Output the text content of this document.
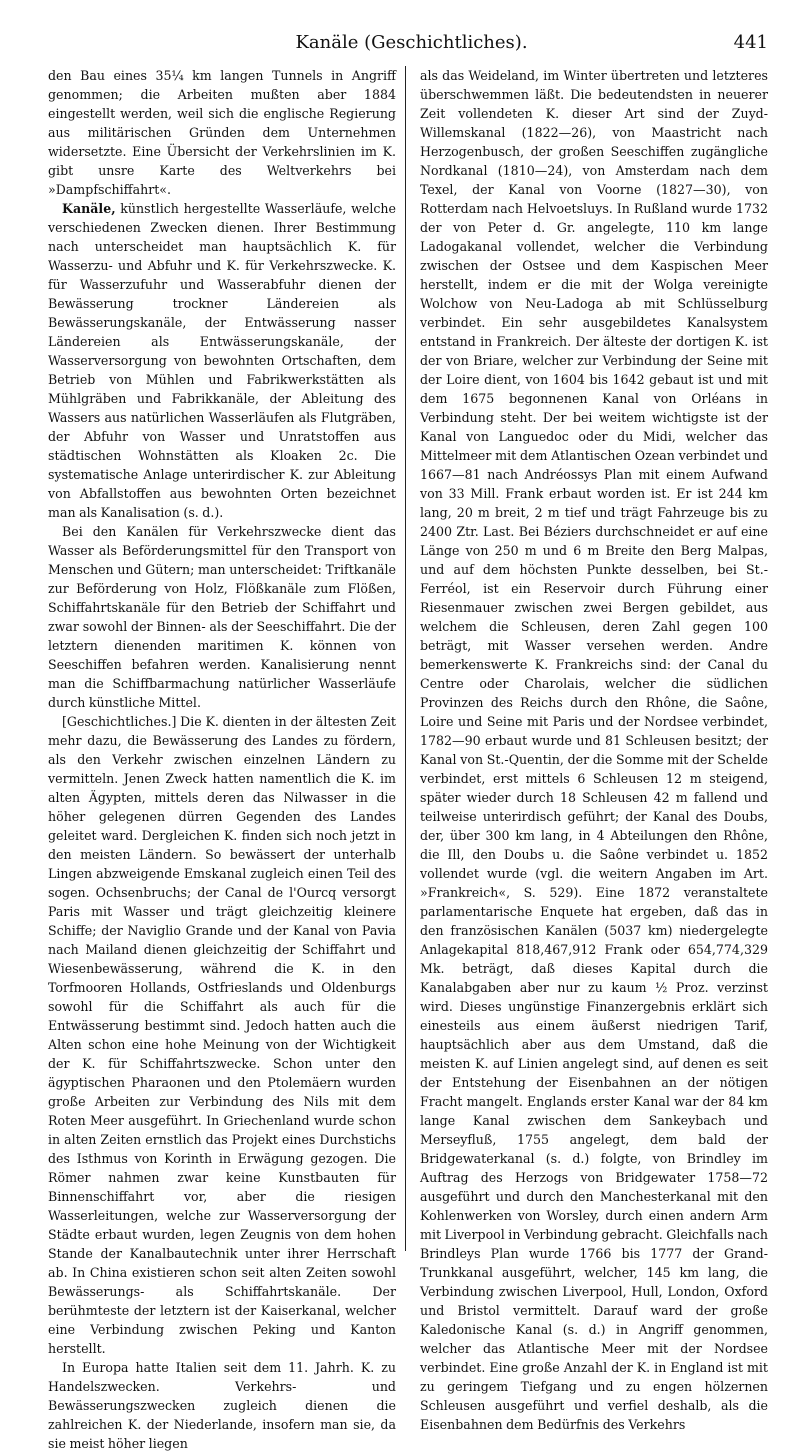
Kanäle (Geschichtliches).	441

den Bau eines 35¼ km langen Tunnels in Angriff genommen; die Arbeiten mußten aber 1884 eingestellt werden, weil sich die englische Regierung aus militärischen Gründen dem Unternehmen widersetzte. Eine Übersicht der Verkehrslinien im K. gibt unsre Karte des Weltverkehrs bei »Dampfschiffahrt«.

Kanäle, künstlich hergestellte Wasserläufe, welche verschiedenen Zwecken dienen. Ihrer Bestimmung nach unterscheidet man hauptsächlich K. für Wasserzu- und Abfuhr und K. für Verkehrszwecke. K. für Wasserzufuhr und Wasserabfuhr dienen der Bewässerung trockner Ländereien als Bewässerungskanäle, der Entwässerung nasser Ländereien als Entwässerungskanäle, der Wasserversorgung von bewohnten Ortschaften, dem Betrieb von Mühlen und Fabrikwerkstätten als Mühlgräben und Fabrikkanäle, der Ableitung des Wassers aus natürlichen Wasserläufen als Flutgräben, der Abfuhr von Wasser und Unratstoffen aus städtischen Wohnstätten als Kloaken 2c. Die systematische Anlage unterirdischer K. zur Ableitung von Abfallstoffen aus bewohnten Orten bezeichnet man als Kanalisation (s. d.).

Bei den Kanälen für Verkehrszwecke dient das Wasser als Beförderungsmittel für den Transport von Menschen und Gütern; man unterscheidet: Triftkanäle zur Beförderung von Holz, Flößkanäle zum Flößen, Schiffahrtskanäle für den Betrieb der Schiffahrt und zwar sowohl der Binnen- als der Seeschiffahrt. Die der letztern dienenden maritimen K. können von Seeschiffen befahren werden. Kanalisierung nennt man die Schiffbarmachung natürlicher Wasserläufe durch künstliche Mittel.

[Geschichtliches.] Die K. dienten in der ältesten Zeit mehr dazu, die Bewässerung des Landes zu fördern, als den Verkehr zwischen einzelnen Ländern zu vermitteln. Jenen Zweck hatten namentlich die K. im alten Ägypten, mittels deren das Nilwasser in die höher gelegenen dürren Gegenden des Landes geleitet ward. Dergleichen K. finden sich noch jetzt in den meisten Ländern. So bewässert der unterhalb Lingen abzweigende Emskanal zugleich einen Teil des sogen. Ochsenbruchs; der Canal de l'Ourcq versorgt Paris mit Wasser und trägt gleichzeitig kleinere Schiffe; der Naviglio Grande und der Kanal von Pavia nach Mailand dienen gleichzeitig der Schiffahrt und Wiesenbewässerung, während die K. in den Torfmooren Hollands, Ostfrieslands und Oldenburgs sowohl für die Schiffahrt als auch für die Entwässerung bestimmt sind. Jedoch hatten auch die Alten schon eine hohe Meinung von der Wichtigkeit der K. für Schiffahrtszwecke. Schon unter den ägyptischen Pharaonen und den Ptolemäern wurden große Arbeiten zur Verbindung des Nils mit dem Roten Meer ausgeführt. In Griechenland wurde schon in alten Zeiten ernstlich das Projekt eines Durchstichs des Isthmus von Korinth in Erwägung gezogen. Die Römer nahmen zwar keine Kunstbauten für Binnenschiffahrt vor, aber die riesigen Wasserleitungen, welche zur Wasserversorgung der Städte erbaut wurden, legen Zeugnis von dem hohen Stande der Kanalbautechnik unter ihrer Herrschaft ab. In China existieren schon seit alten Zeiten sowohl Bewässerungs- als Schiffahrtskanäle. Der berühmteste der letztern ist der Kaiserkanal, welcher eine Verbindung zwischen Peking und Kanton herstellt.

In Europa hatte Italien seit dem 11. Jahrh. K. zu Handelszwecken. Verkehrs- und Bewässerungszwecken zugleich dienen die zahlreichen K. der Niederlande, insofern man sie, da sie meist höher liegen

als das Weideland, im Winter übertreten und letzteres überschwemmen läßt. Die bedeutendsten in neuerer Zeit vollendeten K. dieser Art sind der Zuyd-Willemskanal (1822—26), von Maastricht nach Herzogenbusch, der großen Seeschiffen zugängliche Nordkanal (1810—24), von Amsterdam nach dem Texel, der Kanal von Voorne (1827—30), von Rotterdam nach Helvoetsluys. In Rußland wurde 1732 der von Peter d. Gr. angelegte, 110 km lange Ladogakanal vollendet, welcher die Verbindung zwischen der Ostsee und dem Kaspischen Meer herstellt, indem er die mit der Wolga vereinigte Wolchow von Neu-Ladoga ab mit Schlüsselburg verbindet. Ein sehr ausgebildetes Kanalsystem entstand in Frankreich. Der älteste der dortigen K. ist der von Briare, welcher zur Verbindung der Seine mit der Loire dient, von 1604 bis 1642 gebaut ist und mit dem 1675 begonnenen Kanal von Orléans in Verbindung steht. Der bei weitem wichtigste ist der Kanal von Languedoc oder du Midi, welcher das Mittelmeer mit dem Atlantischen Ozean verbindet und 1667—81 nach Andréossys Plan mit einem Aufwand von 33 Mill. Frank erbaut worden ist. Er ist 244 km lang, 20 m breit, 2 m tief und trägt Fahrzeuge bis zu 2400 Ztr. Last. Bei Béziers durchschneidet er auf eine Länge von 250 m und 6 m Breite den Berg Malpas, und auf dem höchsten Punkte desselben, bei St.-Ferréol, ist ein Reservoir durch Führung einer Riesenmauer zwischen zwei Bergen gebildet, aus welchem die Schleusen, deren Zahl gegen 100 beträgt, mit Wasser versehen werden. Andre bemerkenswerte K. Frankreichs sind: der Canal du Centre oder Charolais, welcher die südlichen Provinzen des Reichs durch den Rhône, die Saône, Loire und Seine mit Paris und der Nordsee verbindet, 1782—90 erbaut wurde und 81 Schleusen besitzt; der Kanal von St.-Quentin, der die Somme mit der Schelde verbindet, erst mittels 6 Schleusen 12 m steigend, später wieder durch 18 Schleusen 42 m fallend und teilweise unterirdisch geführt; der Kanal des Doubs, der, über 300 km lang, in 4 Abteilungen den Rhône, die Ill, den Doubs u. die Saône verbindet u. 1852 vollendet wurde (vgl. die weitern Angaben im Art. »Frankreich«, S. 529). Eine 1872 veranstaltete parlamentarische Enquete hat ergeben, daß das in den französischen Kanälen (5037 km) niedergelegte Anlagekapital 818,467,912 Frank oder 654,774,329 Mk. beträgt, daß dieses Kapital durch die Kanalabgaben aber nur zu kaum ½ Proz. verzinst wird. Dieses ungünstige Finanzergebnis erklärt sich einesteils aus einem äußerst niedrigen Tarif, hauptsächlich aber aus dem Umstand, daß die meisten K. auf Linien angelegt sind, auf denen es seit der Entstehung der Eisenbahnen an der nötigen Fracht mangelt. Englands erster Kanal war der 84 km lange Kanal zwischen dem Sankeybach und Merseyfluß, 1755 angelegt, dem bald der Bridgewaterkanal (s. d.) folgte, von Brindley im Auftrag des Herzogs von Bridgewater 1758—72 ausgeführt und durch den Manchesterkanal mit den Kohlenwerken von Worsley, durch einen andern Arm mit Liverpool in Verbindung gebracht. Gleichfalls nach Brindleys Plan wurde 1766 bis 1777 der Grand-Trunkkanal ausgeführt, welcher, 145 km lang, die Verbindung zwischen Liverpool, Hull, London, Oxford und Bristol vermittelt. Darauf ward der große Kaledonische Kanal (s. d.) in Angriff genommen, welcher das Atlantische Meer mit der Nordsee verbindet. Eine große Anzahl der K. in England ist mit zu geringem Tiefgang und zu engen hölzernen Schleusen ausgeführt und verfiel deshalb, als die Eisenbahnen dem Bedürfnis des Verkehrs
